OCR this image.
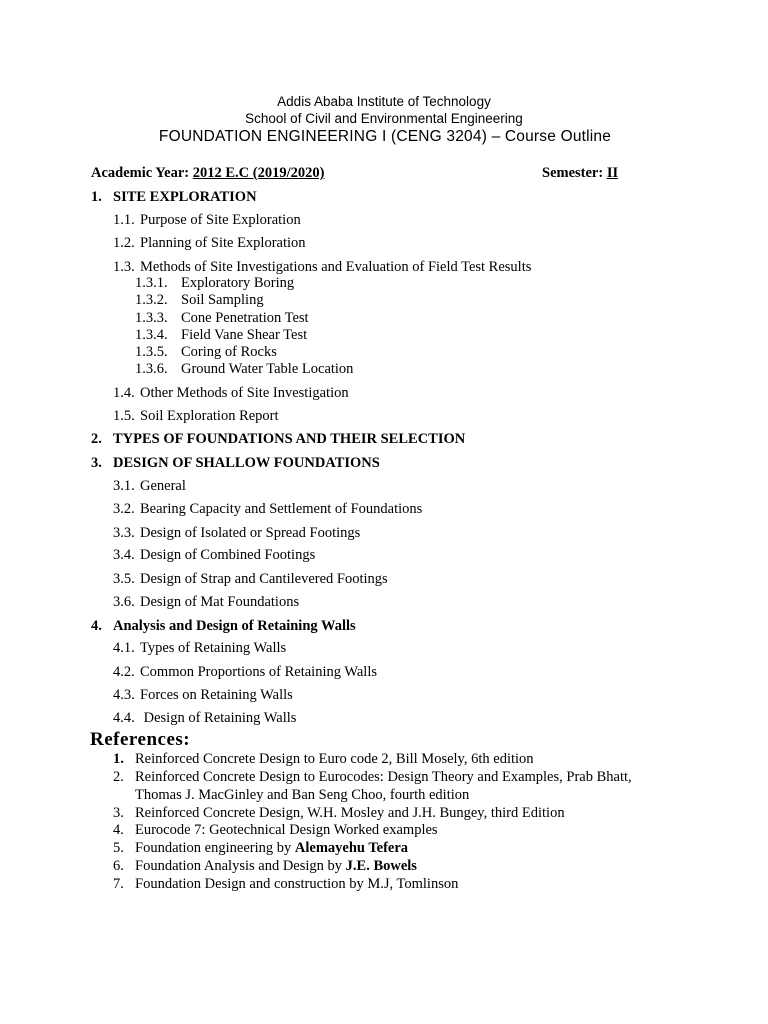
Addis Ababa Institute of Technology
School of Civil and Environmental Engineering
FOUNDATION ENGINEERING I (CENG 3204) – Course Outline
Academic Year: 2012 E.C (2019/2020)	Semester: II
1. SITE EXPLORATION
1.1. Purpose of Site Exploration
1.2. Planning of Site Exploration
1.3. Methods of Site Investigations and Evaluation of Field Test Results
1.3.1. Exploratory Boring
1.3.2. Soil Sampling
1.3.3. Cone Penetration Test
1.3.4. Field Vane Shear Test
1.3.5. Coring of Rocks
1.3.6. Ground Water Table Location
1.4. Other Methods of Site Investigation
1.5. Soil Exploration Report
2. TYPES OF FOUNDATIONS AND THEIR SELECTION
3. DESIGN OF SHALLOW FOUNDATIONS
3.1. General
3.2. Bearing Capacity and Settlement of Foundations
3.3. Design of Isolated or Spread Footings
3.4. Design of Combined Footings
3.5. Design of Strap and Cantilevered Footings
3.6. Design of Mat Foundations
4. Analysis and Design of Retaining Walls
4.1. Types of Retaining Walls
4.2. Common Proportions of Retaining Walls
4.3. Forces on Retaining Walls
4.4. Design of Retaining Walls
References:
1. Reinforced Concrete Design to Euro code 2, Bill Mosely, 6th edition
2. Reinforced Concrete Design to Eurocodes: Design Theory and Examples, Prab Bhatt,
Thomas J. MacGinley and Ban Seng Choo, fourth edition
3. Reinforced Concrete Design, W.H. Mosley and J.H. Bungey, third Edition
4. Eurocode 7: Geotechnical Design Worked examples
5. Foundation engineering by Alemayehu Tefera
6. Foundation Analysis and Design by J.E. Bowels
7. Foundation Design and construction by M.J, Tomlinson
